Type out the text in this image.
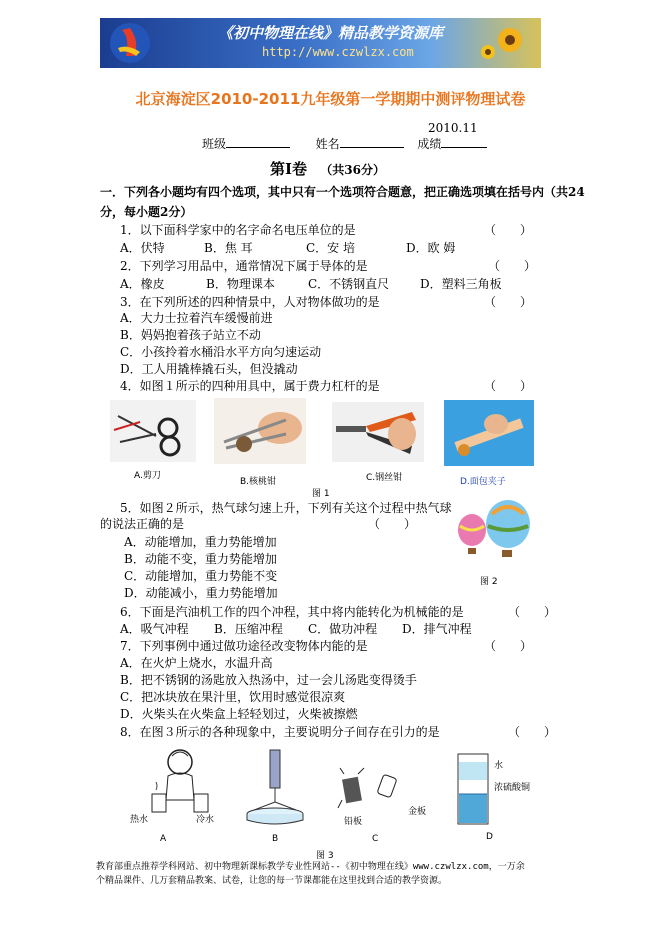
《初中物理在线》精品教学资源库
http://www.czwlzx.com
北京海淀区2010-2011九年级第一学期期中测评物理试卷
2010.11
班级	姓名	成绩
第Ⅰ卷 （共36分）
一．下列各小题均有四个选项，其中只有一个选项符合题意，把正确选项填在括号内（共24
分，每小题2分）
1．以下面科学家中的名字命名电压单位的是	（　　）
A．伏特	B．焦 耳	C．安 培	D．欧 姆
2．下列学习用品中，通常情况下属于导体的是	（　　）
A．橡皮	B．物理课本	C．不锈钢直尺	D．塑料三角板
3．在下列所述的四种情景中，人对物体做功的是	（　　）
A．大力士拉着汽车缓慢前进
B．妈妈抱着孩子站立不动
C．小孩拎着水桶沿水平方向匀速运动
D．工人用撬棒撬石头，但没撬动
4．如图１所示的四种用具中，属于费力杠杆的是	（　　）
A.剪刀
B.核桃钳	C.钢丝钳	D.面包夹子
图 1
5．如图２所示，热气球匀速上升，下列有关这个过程中热气球
的说法正确的是	（　　）
A．动能增加，重力势能增加
B．动能不变，重力势能增加
C．动能增加，重力势能不变
D．动能减小，重力势能增加
图 2
6．下面是汽油机工作的四个冲程，其中将内能转化为机械能的是	（　　）
A．吸气冲程 B．压缩冲程 C．做功冲程 D．排气冲程
7．下列事例中通过做功途径改变物体内能的是	（　　）
A．在火炉上烧水，水温升高
B．把不锈钢的汤匙放入热汤中，过一会儿汤匙变得烫手
C．把冰块放在果汁里，饮用时感觉很凉爽
D．火柴头在火柴盒上轻轻划过，火柴被擦燃
8．在图３所示的各种现象中，主要说明分子间存在引力的是	（　　）
热水	冷水
A	B
铅板
金板
C
水
浓硫酸铜
D
图 3
教育部重点推荐学科网站、初中物理新课标教学专业性网站--《初中物理在线》www.czwlzx.com，一万余
个精品课件、几万套精品教案、试卷，让您的每一节课都能在这里找到合适的教学资源。
